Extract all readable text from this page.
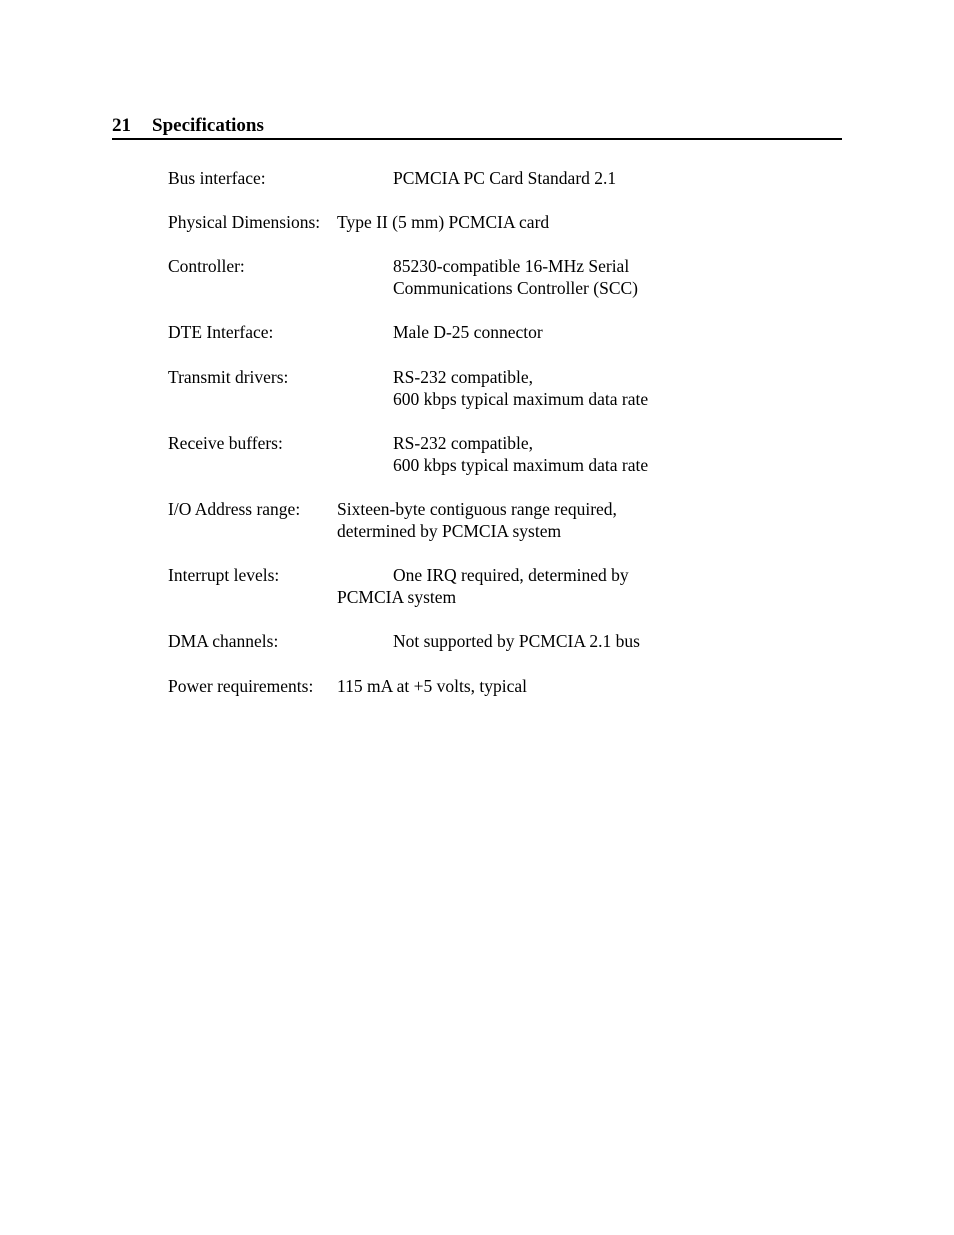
21 Specifications
Bus interface:	PCMCIA PC Card Standard 2.1
Physical Dimensions: Type II (5 mm) PCMCIA card
Controller:	85230-compatible 16-MHz Serial
Communications Controller (SCC)
DTE Interface:	Male D-25 connector
Transmit drivers:	RS-232 compatible,
600 kbps typical maximum data rate
Receive buffers:	RS-232 compatible,
600 kbps typical maximum data rate
I/O Address range: Sixteen-byte contiguous range required,
determined by PCMCIA system
Interrupt levels:	One IRQ required, determined by
PCMCIA system
DMA channels:	Not supported by PCMCIA 2.1 bus
Power requirements: 115 mA at +5 volts, typical
